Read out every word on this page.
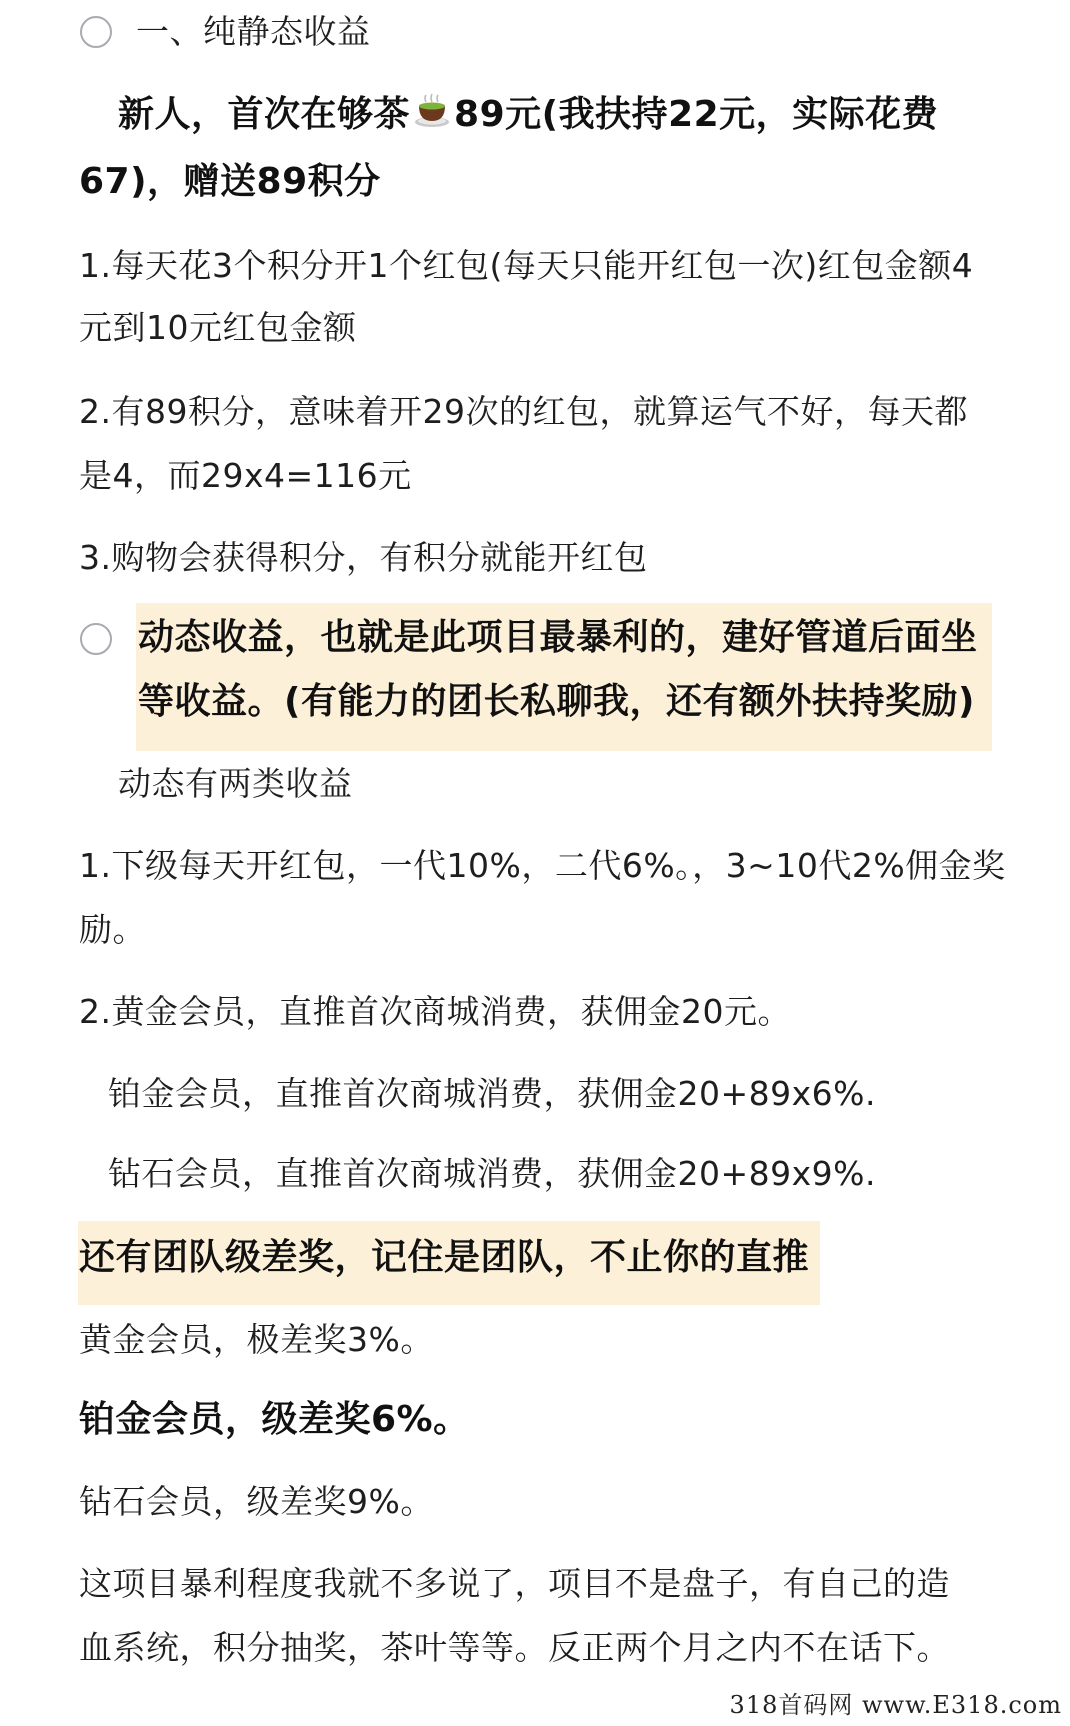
一、纯静态收益
新人，首次在够茶 89元(我扶持22元，实际花费
67)，赠送89积分
1.每天花3个积分开1个红包(每天只能开红包一次)红包金额4
元到10元红包金额
2.有89积分，意味着开29次的红包，就算运气不好，每天都
是4，而29x4=116元
3.购物会获得积分，有积分就能开红包
动态收益，也就是此项目最暴利的，建好管道后面坐
等收益。(有能力的团长私聊我，还有额外扶持奖励)
动态有两类收益
1.下级每天开红包，一代10%，二代6%。，3~10代2%佣金奖
励。
2.黄金会员，直推首次商城消费，获佣金20元。
铂金会员，直推首次商城消费，获佣金20+89x6%.
钻石会员，直推首次商城消费，获佣金20+89x9%.
还有团队级差奖，记住是团队，不止你的直推
黄金会员，极差奖3%。
铂金会员，级差奖6%。
钻石会员，级差奖9%。
这项目暴利程度我就不多说了，项目不是盘子，有自己的造
血系统，积分抽奖，茶叶等等。反正两个月之内不在话下。
318首码网 www.E318.com
